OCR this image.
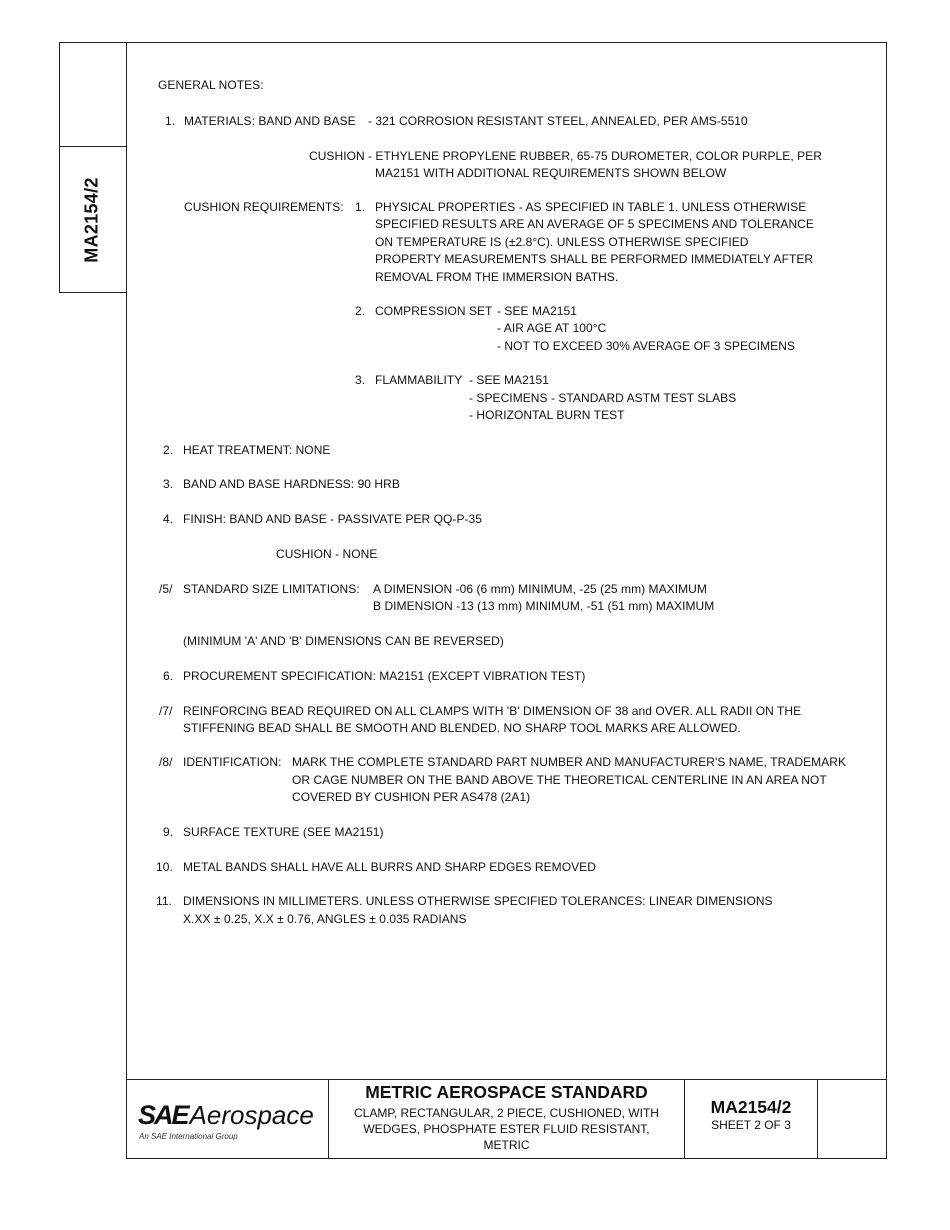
MA2154/2
GENERAL NOTES:
1. MATERIALS: BAND AND BASE - 321 CORROSION RESISTANT STEEL, ANNEALED, PER AMS-5510
CUSHION - ETHYLENE PROPYLENE RUBBER, 65-75 DUROMETER, COLOR PURPLE, PER
MA2151 WITH ADDITIONAL REQUIREMENTS SHOWN BELOW
CUSHION REQUIREMENTS: 1. PHYSICAL PROPERTIES - AS SPECIFIED IN TABLE 1. UNLESS OTHERWISE
SPECIFIED RESULTS ARE AN AVERAGE OF 5 SPECIMENS AND TOLERANCE
ON TEMPERATURE IS (±2.8°C). UNLESS OTHERWISE SPECIFIED
PROPERTY MEASUREMENTS SHALL BE PERFORMED IMMEDIATELY AFTER
REMOVAL FROM THE IMMERSION BATHS.
2. COMPRESSION SET - SEE MA2151
- AIR AGE AT 100°C
- NOT TO EXCEED 30% AVERAGE OF 3 SPECIMENS
3. FLAMMABILITY - SEE MA2151
- SPECIMENS - STANDARD ASTM TEST SLABS
- HORIZONTAL BURN TEST
2. HEAT TREATMENT: NONE
3. BAND AND BASE HARDNESS: 90 HRB
4. FINISH: BAND AND BASE - PASSIVATE PER QQ-P-35
CUSHION - NONE
/5/ STANDARD SIZE LIMITATIONS: A DIMENSION -06 (6 mm) MINIMUM, -25 (25 mm) MAXIMUM
B DIMENSION -13 (13 mm) MINIMUM, -51 (51 mm) MAXIMUM
(MINIMUM 'A' AND 'B' DIMENSIONS CAN BE REVERSED)
6. PROCUREMENT SPECIFICATION: MA2151 (EXCEPT VIBRATION TEST)
/7/ REINFORCING BEAD REQUIRED ON ALL CLAMPS WITH 'B' DIMENSION OF 38 and OVER. ALL RADII ON THE
STIFFENING BEAD SHALL BE SMOOTH AND BLENDED. NO SHARP TOOL MARKS ARE ALLOWED.
/8/ IDENTIFICATION: MARK THE COMPLETE STANDARD PART NUMBER AND MANUFACTURER'S NAME, TRADEMARK
OR CAGE NUMBER ON THE BAND ABOVE THE THEORETICAL CENTERLINE IN AN AREA NOT
COVERED BY CUSHION PER AS478 (2A1)
9. SURFACE TEXTURE (SEE MA2151)
10. METAL BANDS SHALL HAVE ALL BURRS AND SHARP EDGES REMOVED
11. DIMENSIONS IN MILLIMETERS. UNLESS OTHERWISE SPECIFIED TOLERANCES: LINEAR DIMENSIONS
X.XX ± 0.25, X.X ± 0.76, ANGLES ± 0.035 RADIANS
SAEAerospace
An SAE International Group
METRIC AEROSPACE STANDARD
CLAMP, RECTANGULAR, 2 PIECE, CUSHIONED, WITH WEDGES, PHOSPHATE ESTER FLUID RESISTANT, METRIC
MA2154/2
SHEET 2 OF 3
